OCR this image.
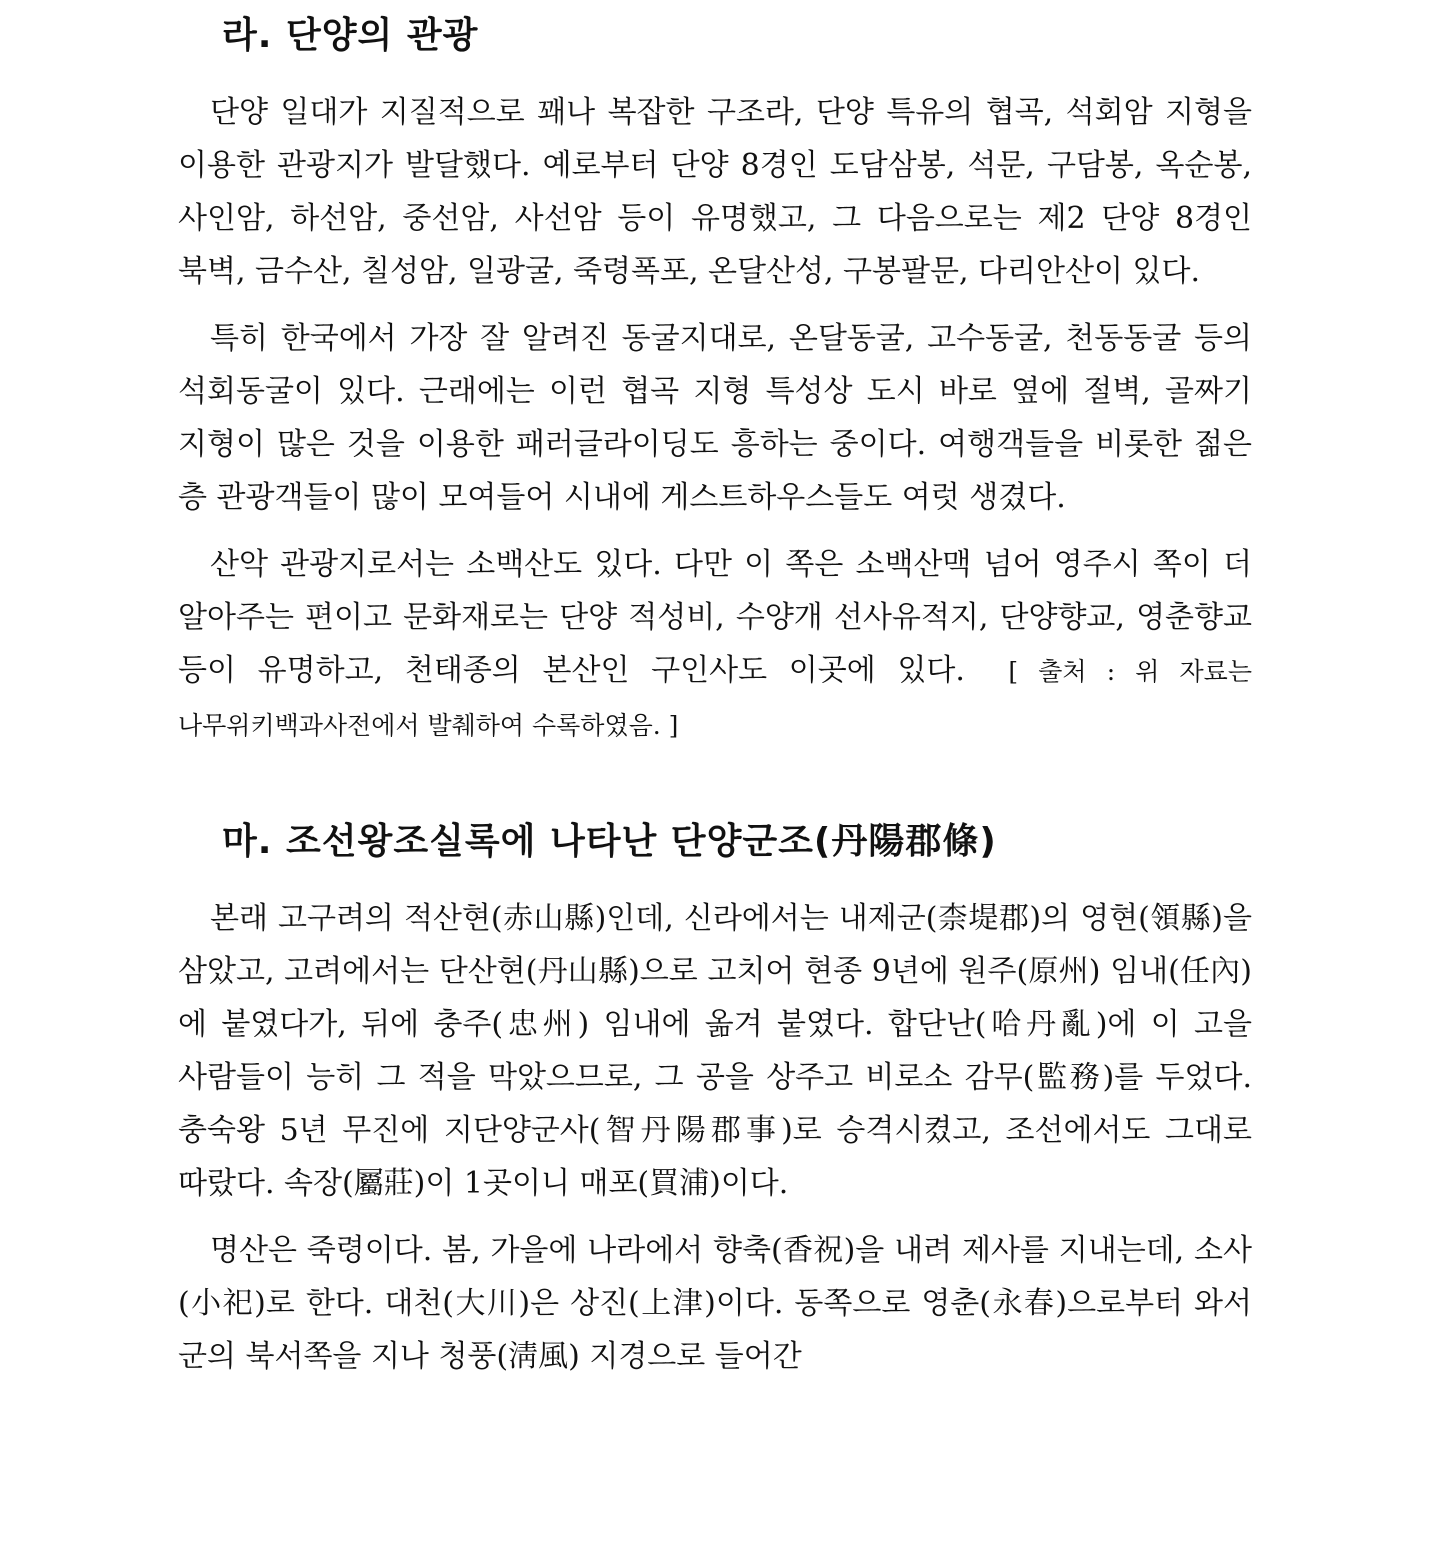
라. 단양의 관광

단양 일대가 지질적으로 꽤나 복잡한 구조라, 단양 특유의 협곡, 석회암 지형을 이용한 관광지가 발달했다. 예로부터 단양 8경인 도담삼봉, 석문, 구담봉, 옥순봉, 사인암, 하선암, 중선암, 사선암 등이 유명했고, 그 다음으로는 제2 단양 8경인 북벽, 금수산, 칠성암, 일광굴, 죽령폭포, 온달산성, 구봉팔문, 다리안산이 있다.

특히 한국에서 가장 잘 알려진 동굴지대로, 온달동굴, 고수동굴, 천동동굴 등의 석회동굴이 있다. 근래에는 이런 협곡 지형 특성상 도시 바로 옆에 절벽, 골짜기 지형이 많은 것을 이용한 패러글라이딩도 흥하는 중이다. 여행객들을 비롯한 젊은 층 관광객들이 많이 모여들어 시내에 게스트하우스들도 여럿 생겼다.

산악 관광지로서는 소백산도 있다. 다만 이 쪽은 소백산맥 넘어 영주시 쪽이 더 알아주는 편이고 문화재로는 단양 적성비, 수양개 선사유적지, 단양향교, 영춘향교 등이 유명하고, 천태종의 본산인 구인사도 이곳에 있다. [ 출처 : 위 자료는 나무위키백과사전에서 발췌하여 수록하였음. ]

마. 조선왕조실록에 나타난 단양군조(丹陽郡條)

본래 고구려의 적산현(赤山縣)인데, 신라에서는 내제군(柰堤郡)의 영현(領縣)을 삼았고, 고려에서는 단산현(丹山縣)으로 고치어 현종 9년에 원주(原州) 임내(任內)에 붙였다가, 뒤에 충주(忠州) 임내에 옮겨 붙였다. 합단난(哈丹亂)에 이 고을 사람들이 능히 그 적을 막았으므로, 그 공을 상주고 비로소 감무(監務)를 두었다. 충숙왕 5년 무진에 지단양군사(智丹陽郡事)로 승격시켰고, 조선에서도 그대로 따랐다. 속장(屬莊)이 1곳이니 매포(買浦)이다.

명산은 죽령이다. 봄, 가을에 나라에서 향축(香祝)을 내려 제사를 지내는데, 소사(小祀)로 한다. 대천(大川)은 상진(上津)이다. 동쪽으로 영춘(永春)으로부터 와서 군의 북서쪽을 지나 청풍(淸風) 지경으로 들어간
